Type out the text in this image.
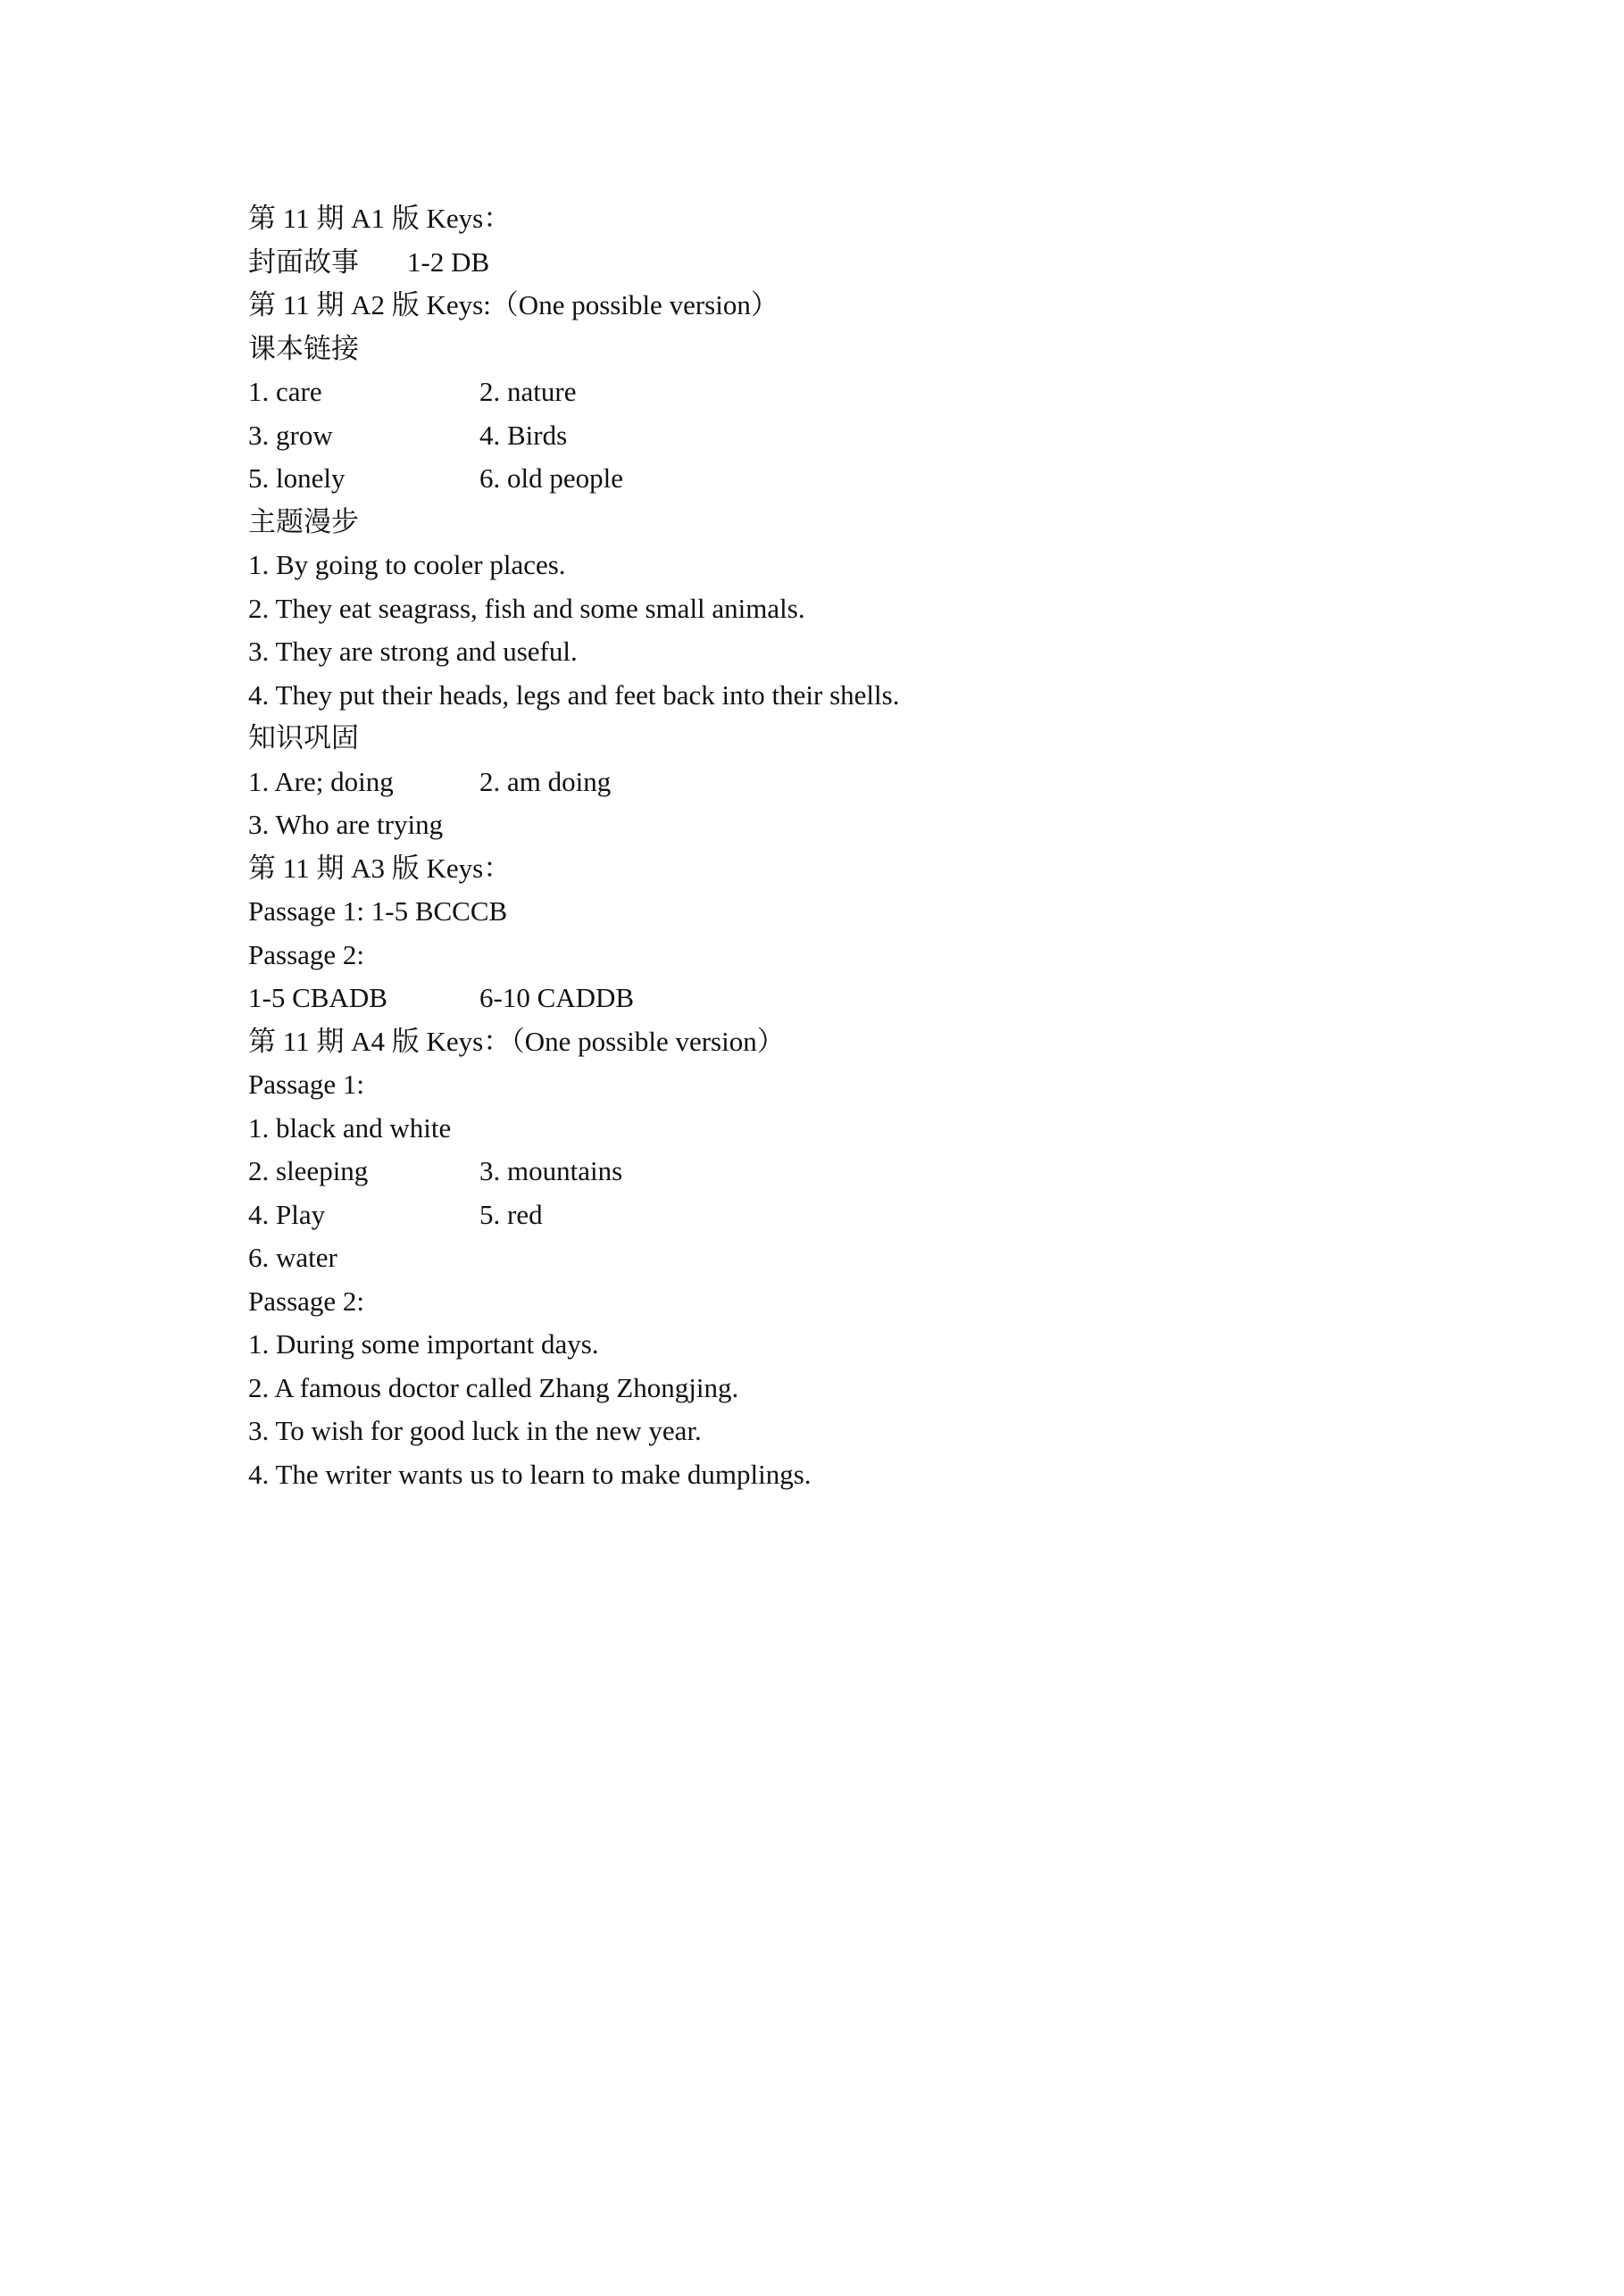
第 11 期 A1 版 Keys：
封面故事 1-2 DB
第 11 期 A2 版 Keys:（One possible version）
课本链接
1. care	2. nature
3. grow	4. Birds
5. lonely	6. old people
主题漫步
1. By going to cooler places.
2. They eat seagrass, fish and some small animals.
3. They are strong and useful.
4. They put their heads, legs and feet back into their shells.
知识巩固
1. Are; doing	2. am doing
3. Who are trying
第 11 期 A3 版 Keys：
Passage 1: 1-5 BCCCB
Passage 2:
1-5 CBADB	6-10 CADDB
第 11 期 A4 版 Keys：（One possible version）
Passage 1:
1. black and white
2. sleeping	3. mountains
4. Play	5. red
6. water
Passage 2:
1. During some important days.
2. A famous doctor called Zhang Zhongjing.
3. To wish for good luck in the new year.
4. The writer wants us to learn to make dumplings.
